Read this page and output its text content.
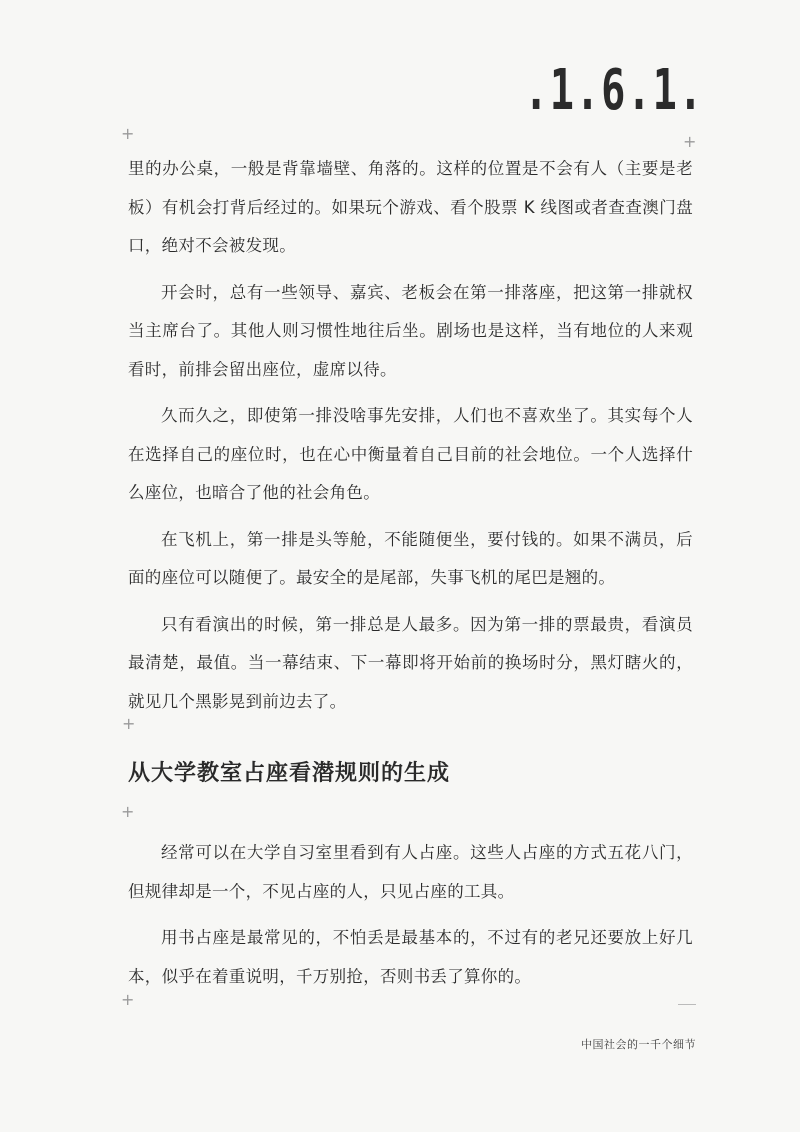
.1.6.1.
+	+

里的办公桌，一般是背靠墙壁、角落的。这样的位置是不会有人（主要是老板）有机会打背后经过的。如果玩个游戏、看个股票 K 线图或者查查澳门盘口，绝对不会被发现。

开会时，总有一些领导、嘉宾、老板会在第一排落座，把这第一排就权当主席台了。其他人则习惯性地往后坐。剧场也是这样，当有地位的人来观看时，前排会留出座位，虚席以待。

久而久之，即使第一排没啥事先安排，人们也不喜欢坐了。其实每个人在选择自己的座位时，也在心中衡量着自己目前的社会地位。一个人选择什么座位，也暗合了他的社会角色。

在飞机上，第一排是头等舱，不能随便坐，要付钱的。如果不满员，后面的座位可以随便了。最安全的是尾部，失事飞机的尾巴是翘的。

只有看演出的时候，第一排总是人最多。因为第一排的票最贵，看演员最清楚，最值。当一幕结束、下一幕即将开始前的换场时分，黑灯瞎火的，就见几个黑影晃到前边去了。

+
从大学教室占座看潜规则的生成
+

经常可以在大学自习室里看到有人占座。这些人占座的方式五花八门，但规律却是一个，不见占座的人，只见占座的工具。

用书占座是最常见的，不怕丢是最基本的，不过有的老兄还要放上好几本，似乎在着重说明，千万别抢，否则书丢了算你的。

+
中国社会的一千个细节
